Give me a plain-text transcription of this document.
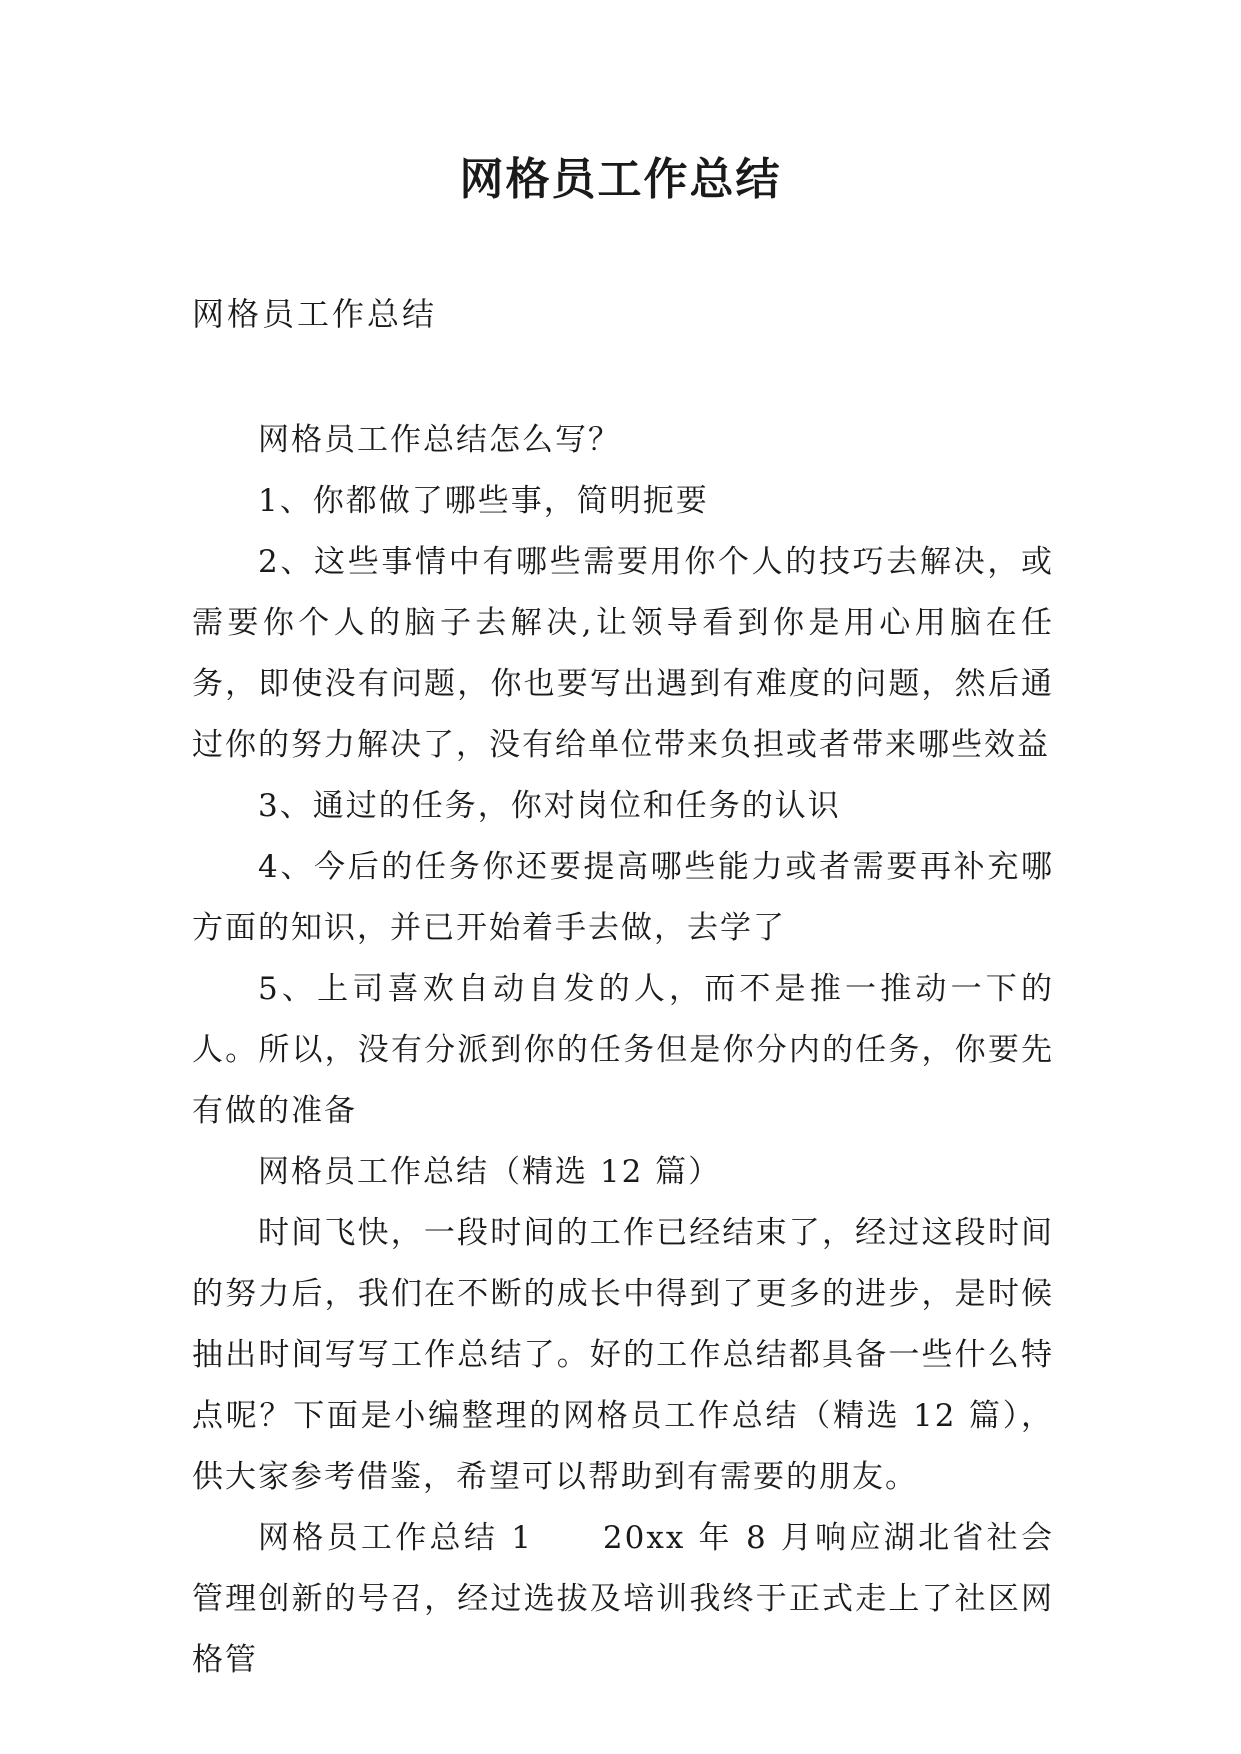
网格员工作总结
网格员工作总结

网格员工作总结怎么写？

1、你都做了哪些事，简明扼要

2、这些事情中有哪些需要用你个人的技巧去解决，或需要你个人的脑子去解决,让领导看到你是用心用脑在任务，即使没有问题，你也要写出遇到有难度的问题，然后通过你的努力解决了，没有给单位带来负担或者带来哪些效益

3、通过的任务，你对岗位和任务的认识

4、今后的任务你还要提高哪些能力或者需要再补充哪方面的知识，并已开始着手去做，去学了

5、上司喜欢自动自发的人，而不是推一推动一下的人。所以，没有分派到你的任务但是你分内的任务，你要先有做的准备

网格员工作总结（精选 12 篇）

时间飞快，一段时间的工作已经结束了，经过这段时间的努力后，我们在不断的成长中得到了更多的进步，是时候抽出时间写写工作总结了。好的工作总结都具备一些什么特点呢？下面是小编整理的网格员工作总结（精选 12 篇），供大家参考借鉴，希望可以帮助到有需要的朋友。

网格员工作总结 1　　20xx 年 8 月响应湖北省社会管理创新的号召，经过选拔及培训我终于正式走上了社区网格管
